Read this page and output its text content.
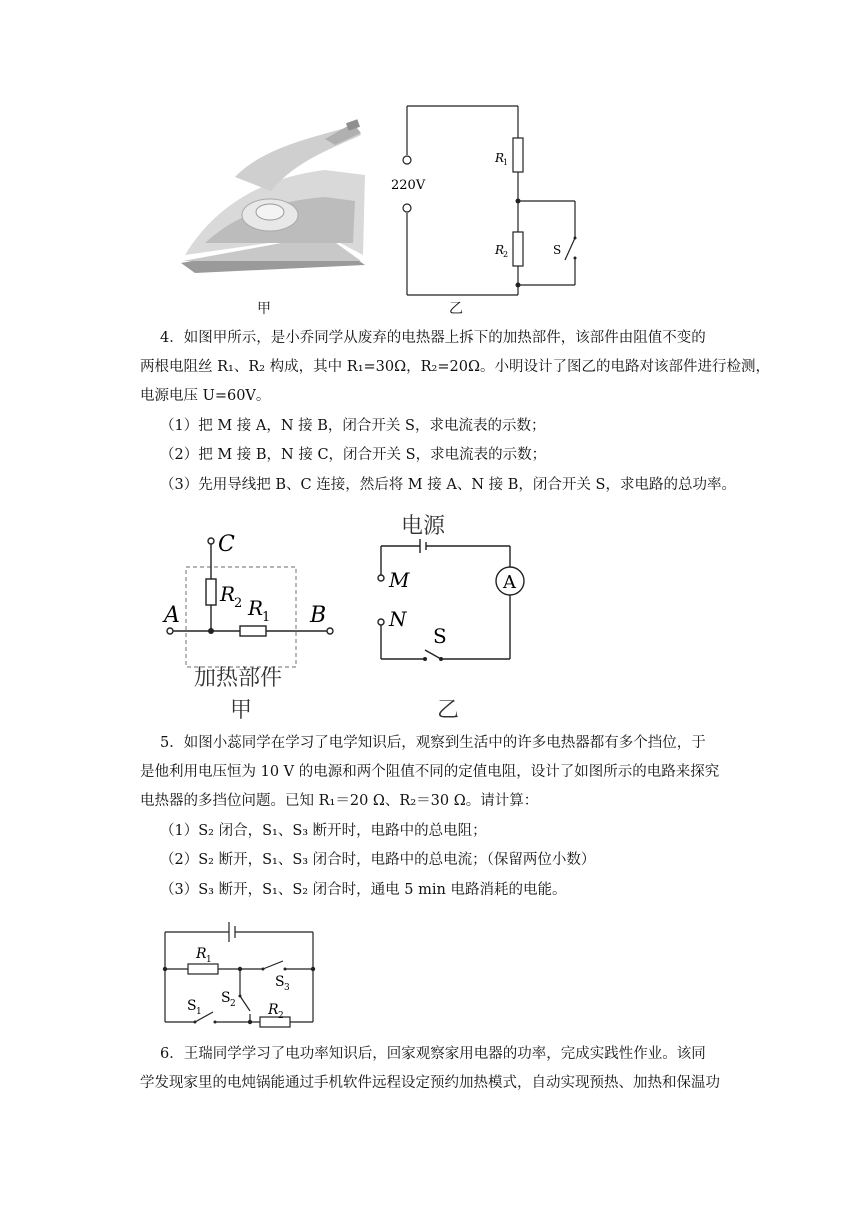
甲
220V
R
1
R
2	S
乙
4．如图甲所示，是小乔同学从废弃的电热器上拆下的加热部件，该部件由阻值不变的
两根电阻丝 R₁、R₂ 构成，其中 R₁=30Ω，R₂=20Ω。小明设计了图乙的电路对该部件进行检测，
电源电压 U=60V。
（1）把 M 接 A，N 接 B，闭合开关 S，求电流表的示数；
（2）把 M 接 B，N 接 C，闭合开关 S，求电流表的示数；
（3）先用导线把 B、C 连接，然后将 M 接 A、N 接 B，闭合开关 S，求电路的总功率。
C
A	B
R
2 R
1
加热部件
甲
电源
A
M
N
S
乙
5．如图小蕊同学在学习了电学知识后，观察到生活中的许多电热器都有多个挡位，于
是他利用电压恒为 10 V 的电源和两个阻值不同的定值电阻，设计了如图所示的电路来探究
电热器的多挡位问题。已知 R₁＝20 Ω、R₂＝30 Ω。请计算：
（1）S₂ 闭合，S₁、S₃ 断开时，电路中的总电阻；
（2）S₂ 断开，S₁、S₃ 闭合时，电路中的总电流；（保留两位小数）
（3）S₃ 断开，S₁、S₂ 闭合时，通电 5 min 电路消耗的电能。
R 1
S 3
S 2
S 1	R 2
6．王瑞同学学习了电功率知识后，回家观察家用电器的功率，完成实践性作业。该同
学发现家里的电炖锅能通过手机软件远程设定预约加热模式，自动实现预热、加热和保温功
